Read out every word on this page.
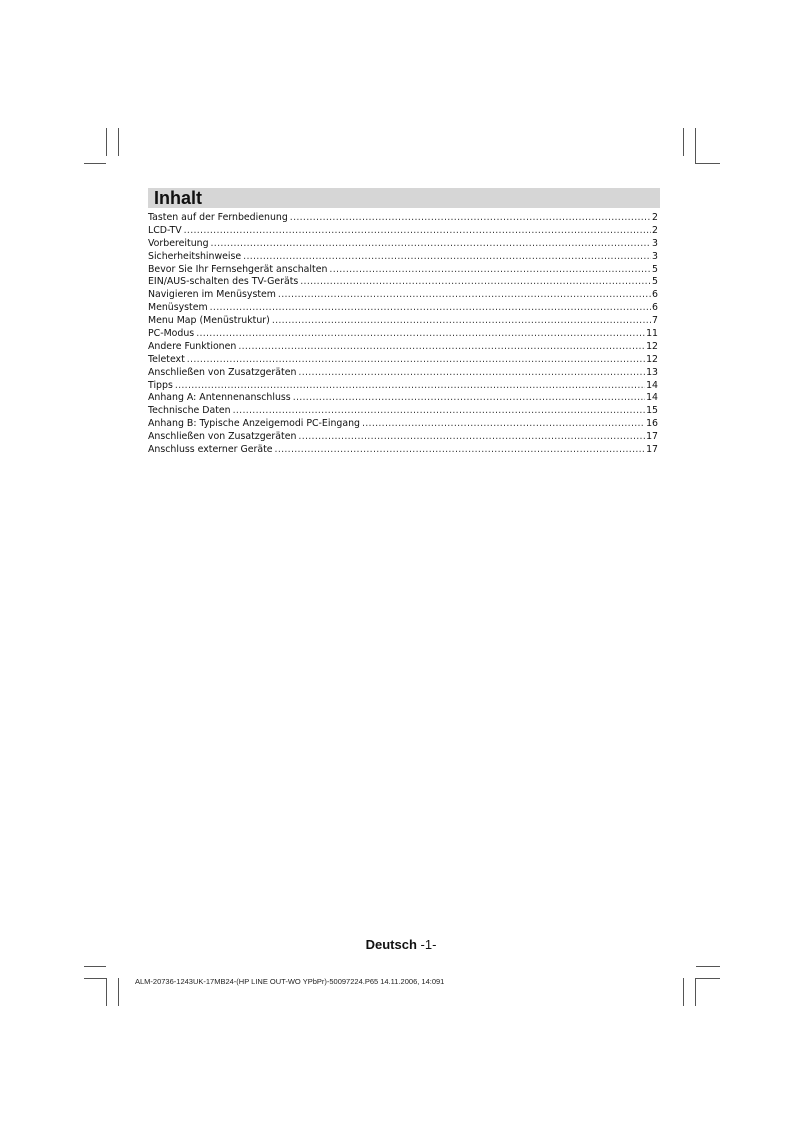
Inhalt
Tasten auf der Fernbedienung .....	2
LCD-TV .....	2
Vorbereitung .....	3
Sicherheitshinweise .....	3
Bevor Sie Ihr Fernsehgerät anschalten .....	5
EIN/AUS-schalten des TV-Geräts .....	5
Navigieren im Menüsystem .....	6
Menüsystem .....	6
Menu Map (Menüstruktur) .....	7
PC-Modus .....	11
Andere Funktionen .....	12
Teletext .....	12
Anschließen von Zusatzgeräten .....	13
Tipps .....	14
Anhang A: Antennenanschluss .....	14
Technische Daten .....	15
Anhang B: Typische Anzeigemodi PC-Eingang .....	16
Anschließen von Zusatzgeräten .....	17
Anschluss externer Geräte .....	17
Deutsch -1-
ALM-20736-1243UK-17MB24-(HP LINE OUT-WO YPbPr)-50097224.P65 14.11.2006, 14:091
